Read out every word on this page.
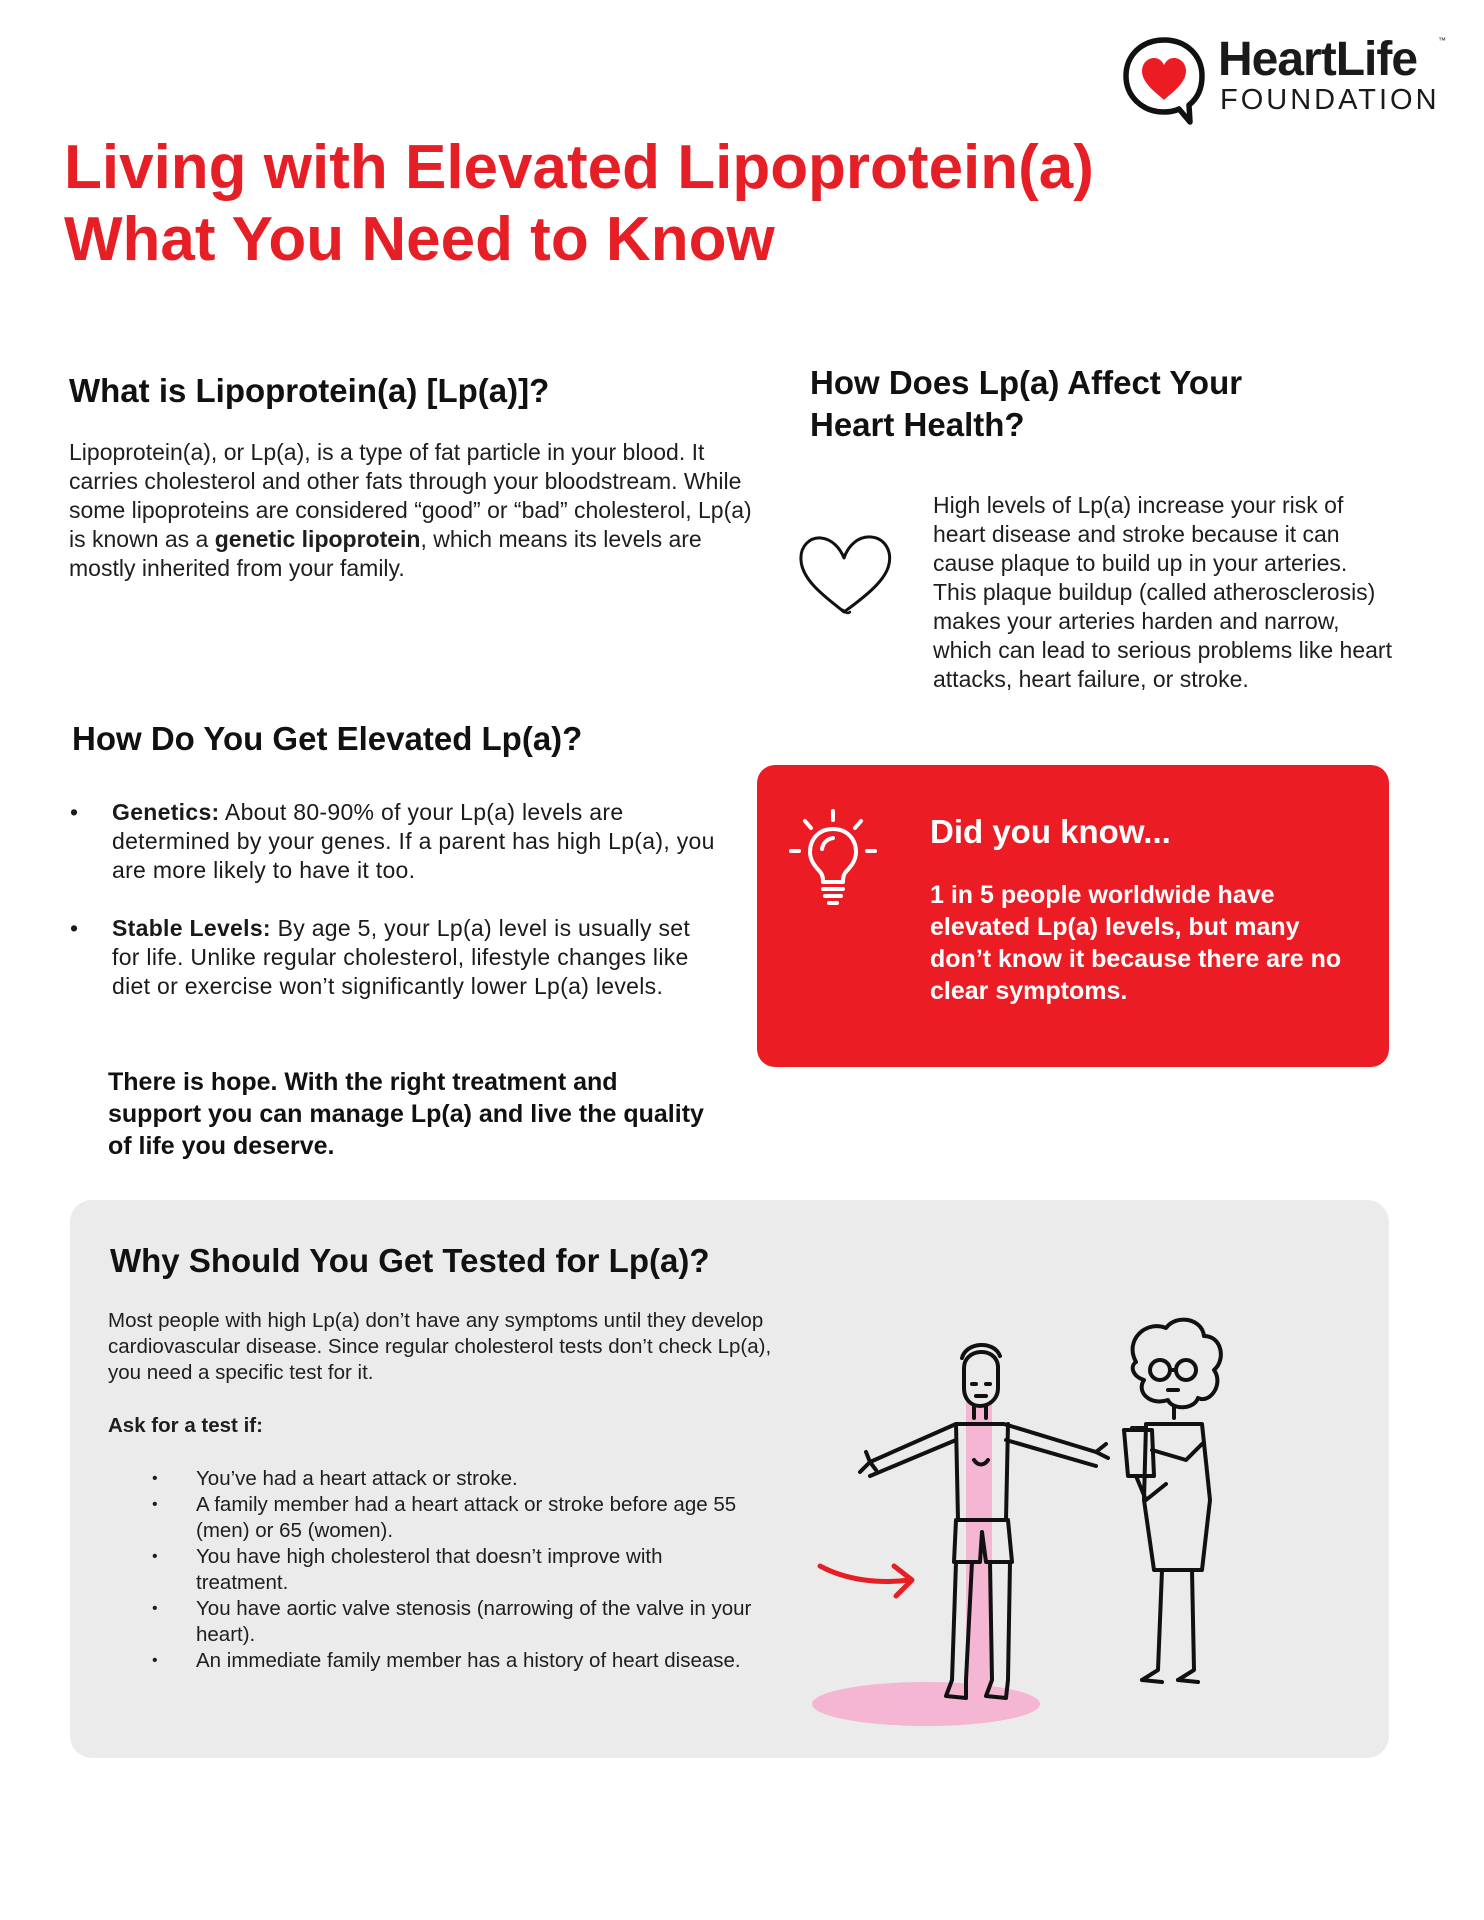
HeartLife	™
FOUNDATION
Living with Elevated Lipoprotein(a)
What You Need to Know
What is Lipoprotein(a) [Lp(a)]?

Lipoprotein(a), or Lp(a), is a type of fat particle in your blood. It carries cholesterol and other fats through your bloodstream. While some lipoproteins are considered “good” or “bad” cholesterol, Lp(a) is known as a genetic lipoprotein, which means its levels are mostly inherited from your family.

How Does Lp(a) Affect Your
Heart Health?

High levels of Lp(a) increase your risk of heart disease and stroke because it can cause plaque to build up in your arteries. This plaque buildup (called atherosclerosis) makes your arteries harden and narrow, which can lead to serious problems like heart attacks, heart failure, or stroke.

How Do You Get Elevated Lp(a)?
• Genetics: About 80-90% of your Lp(a) levels are determined by your genes. If a parent has high Lp(a), you are more likely to have it too.
• Stable Levels: By age 5, your Lp(a) level is usually set for life. Unlike regular cholesterol, lifestyle changes like diet or exercise won’t significantly lower Lp(a) levels.

There is hope. With the right treatment and support you can manage Lp(a) and live the quality of life you deserve.

Did you know...

1 in 5 people worldwide have elevated Lp(a) levels, but many don’t know it because there are no clear symptoms.

Why Should You Get Tested for Lp(a)?

Most people with high Lp(a) don’t have any symptoms until they develop cardiovascular disease. Since regular cholesterol tests don’t check Lp(a), you need a specific test for it.

Ask for a test if:
• You’ve had a heart attack or stroke.
• A family member had a heart attack or stroke before age 55 (men) or 65 (women).
• You have high cholesterol that doesn’t improve with treatment.
• You have aortic valve stenosis (narrowing of the valve in your heart).
• An immediate family member has a history of heart disease.
